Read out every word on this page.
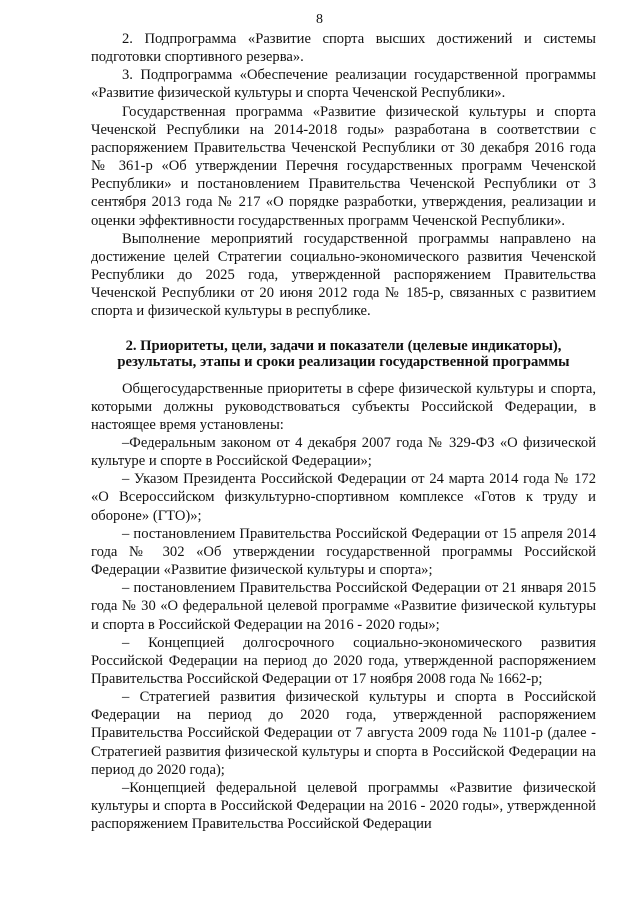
8

2. Подпрограмма «Развитие спорта высших достижений и системы подготовки спортивного резерва».

3. Подпрограмма «Обеспечение реализации государственной программы «Развитие физической культуры и спорта Чеченской Республики».

Государственная программа «Развитие физической культуры и спорта Чеченской Республики на 2014-2018 годы» разработана в соответствии с распоряжением Правительства Чеченской Республики от 30 декабря 2016 года № 361-р «Об утверждении Перечня государственных программ Чеченской Республики» и постановлением Правительства Чеченской Республики от 3 сентября 2013 года № 217 «О порядке разработки, утверждения, реализации и оценки эффективности государственных программ Чеченской Республики».

Выполнение мероприятий государственной программы направлено на достижение целей Стратегии социально-экономического развития Чеченской Республики до 2025 года, утвержденной распоряжением Правительства Чеченской Республики от 20 июня 2012 года № 185-р, связанных с развитием спорта и физической культуры в республике.

2. Приоритеты, цели, задачи и показатели (целевые индикаторы), результаты, этапы и сроки реализации государственной программы

Общегосударственные приоритеты в сфере физической культуры и спорта, которыми должны руководствоваться субъекты Российской Федерации, в настоящее время установлены:

–Федеральным законом от 4 декабря 2007 года № 329-ФЗ «О физической культуре и спорте в Российской Федерации»;

– Указом Президента Российской Федерации от 24 марта 2014 года № 172 «О Всероссийском физкультурно-спортивном комплексе «Готов к труду и обороне» (ГТО)»;

– постановлением Правительства Российской Федерации от 15 апреля 2014 года № 302 «Об утверждении государственной программы Российской Федерации «Развитие физической культуры и спорта»;

– постановлением Правительства Российской Федерации от 21 января 2015 года № 30 «О федеральной целевой программе «Развитие физической культуры и спорта в Российской Федерации на 2016 - 2020 годы»;

– Концепцией долгосрочного социально-экономического развития Российской Федерации на период до 2020 года, утвержденной распоряжением Правительства Российской Федерации от 17 ноября 2008 года № 1662-р;

– Стратегией развития физической культуры и спорта в Российской Федерации на период до 2020 года, утвержденной распоряжением Правительства Российской Федерации от 7 августа 2009 года № 1101-р (далее - Стратегией развития физической культуры и спорта в Российской Федерации на период до 2020 года);

–Концепцией федеральной целевой программы «Развитие физической культуры и спорта в Российской Федерации на 2016 - 2020 годы», утвержденной распоряжением Правительства Российской Федерации
